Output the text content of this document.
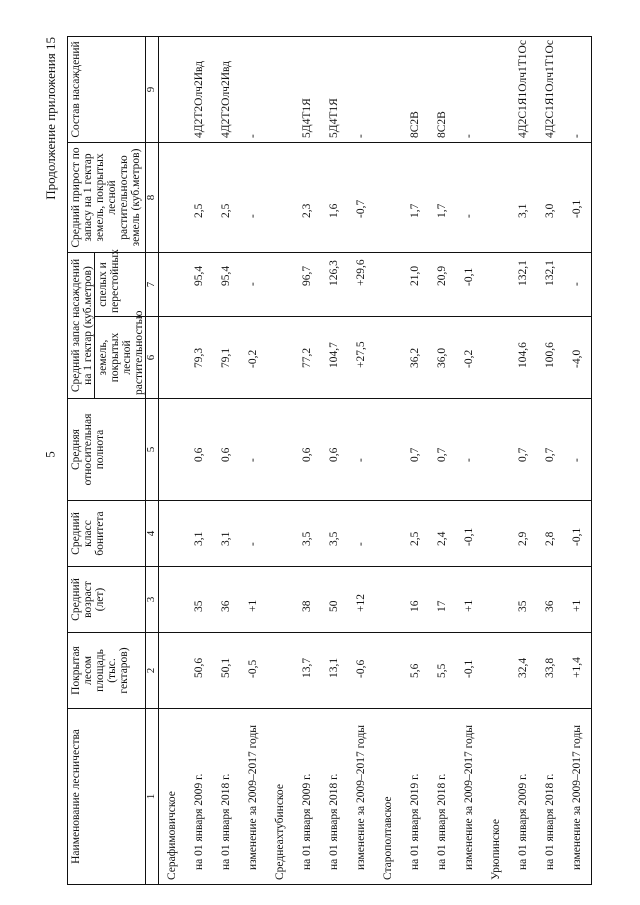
5
Продолжение приложения 15
Наименование лесничества	Покрытая лесом площадь (тыс. гектаров)	Средний возраст (лет)	Средний класс бонитета	Средняя относительная полнота	Средний запас насаждений на 1 гектар (куб.метров)		Средний прирост по запасу на 1 гектар земель, покрытых лесной растительностью земель (куб.метров)	Состав насаждений
					земель, покрытых лесной растительностью	спелых и перестойных		
1	2	3	4	5	6	7	8	9
Серафимовичское								
на 01 января 2009 г.	50,6	35	3,1	0,6	79,3	95,4	2,5	4Д2Т2Олч2Ивд
на 01 января 2018 г.	50,1	36	3,1	0,6	79,1	95,4	2,5	4Д2Т2Олч2Ивд
изменение за 2009–2017 годы	-0,5	+1	-	-	-0,2	-	-	-
Среднеахтубинское								
на 01 января 2009 г.	13,7	38	3,5	0,6	77,2	96,7	2,3	5Д4Т1Я
на 01 января 2018 г.	13,1	50	3,5	0,6	104,7	126,3	1,6	5Д4Т1Я
изменение за 2009–2017 годы	-0,6	+12	-	-	+27,5	+29,6	-0,7	-
Старополтавское								
на 01 января 2019 г.	5,6	16	2,5	0,7	36,2	21,0	1,7	8С2В
на 01 января 2018 г.	5,5	17	2,4	0,7	36,0	20,9	1,7	8С2В
изменение за 2009–2017 годы	-0,1	+1	-0,1	-	-0,2	-0,1	-	-
Урюпинское								
на 01 января 2009 г.	32,4	35	2,9	0,7	104,6	132,1	3,1	4Д2С1Я1Олч1Т1Ос
на 01 января 2018 г.	33,8	36	2,8	0,7	100,6	132,1	3,0	4Д2С1Я1Олч1Т1Ос
изменение за 2009–2017 годы	+1,4	+1	-0,1	-	-4,0	-	-0,1	-
